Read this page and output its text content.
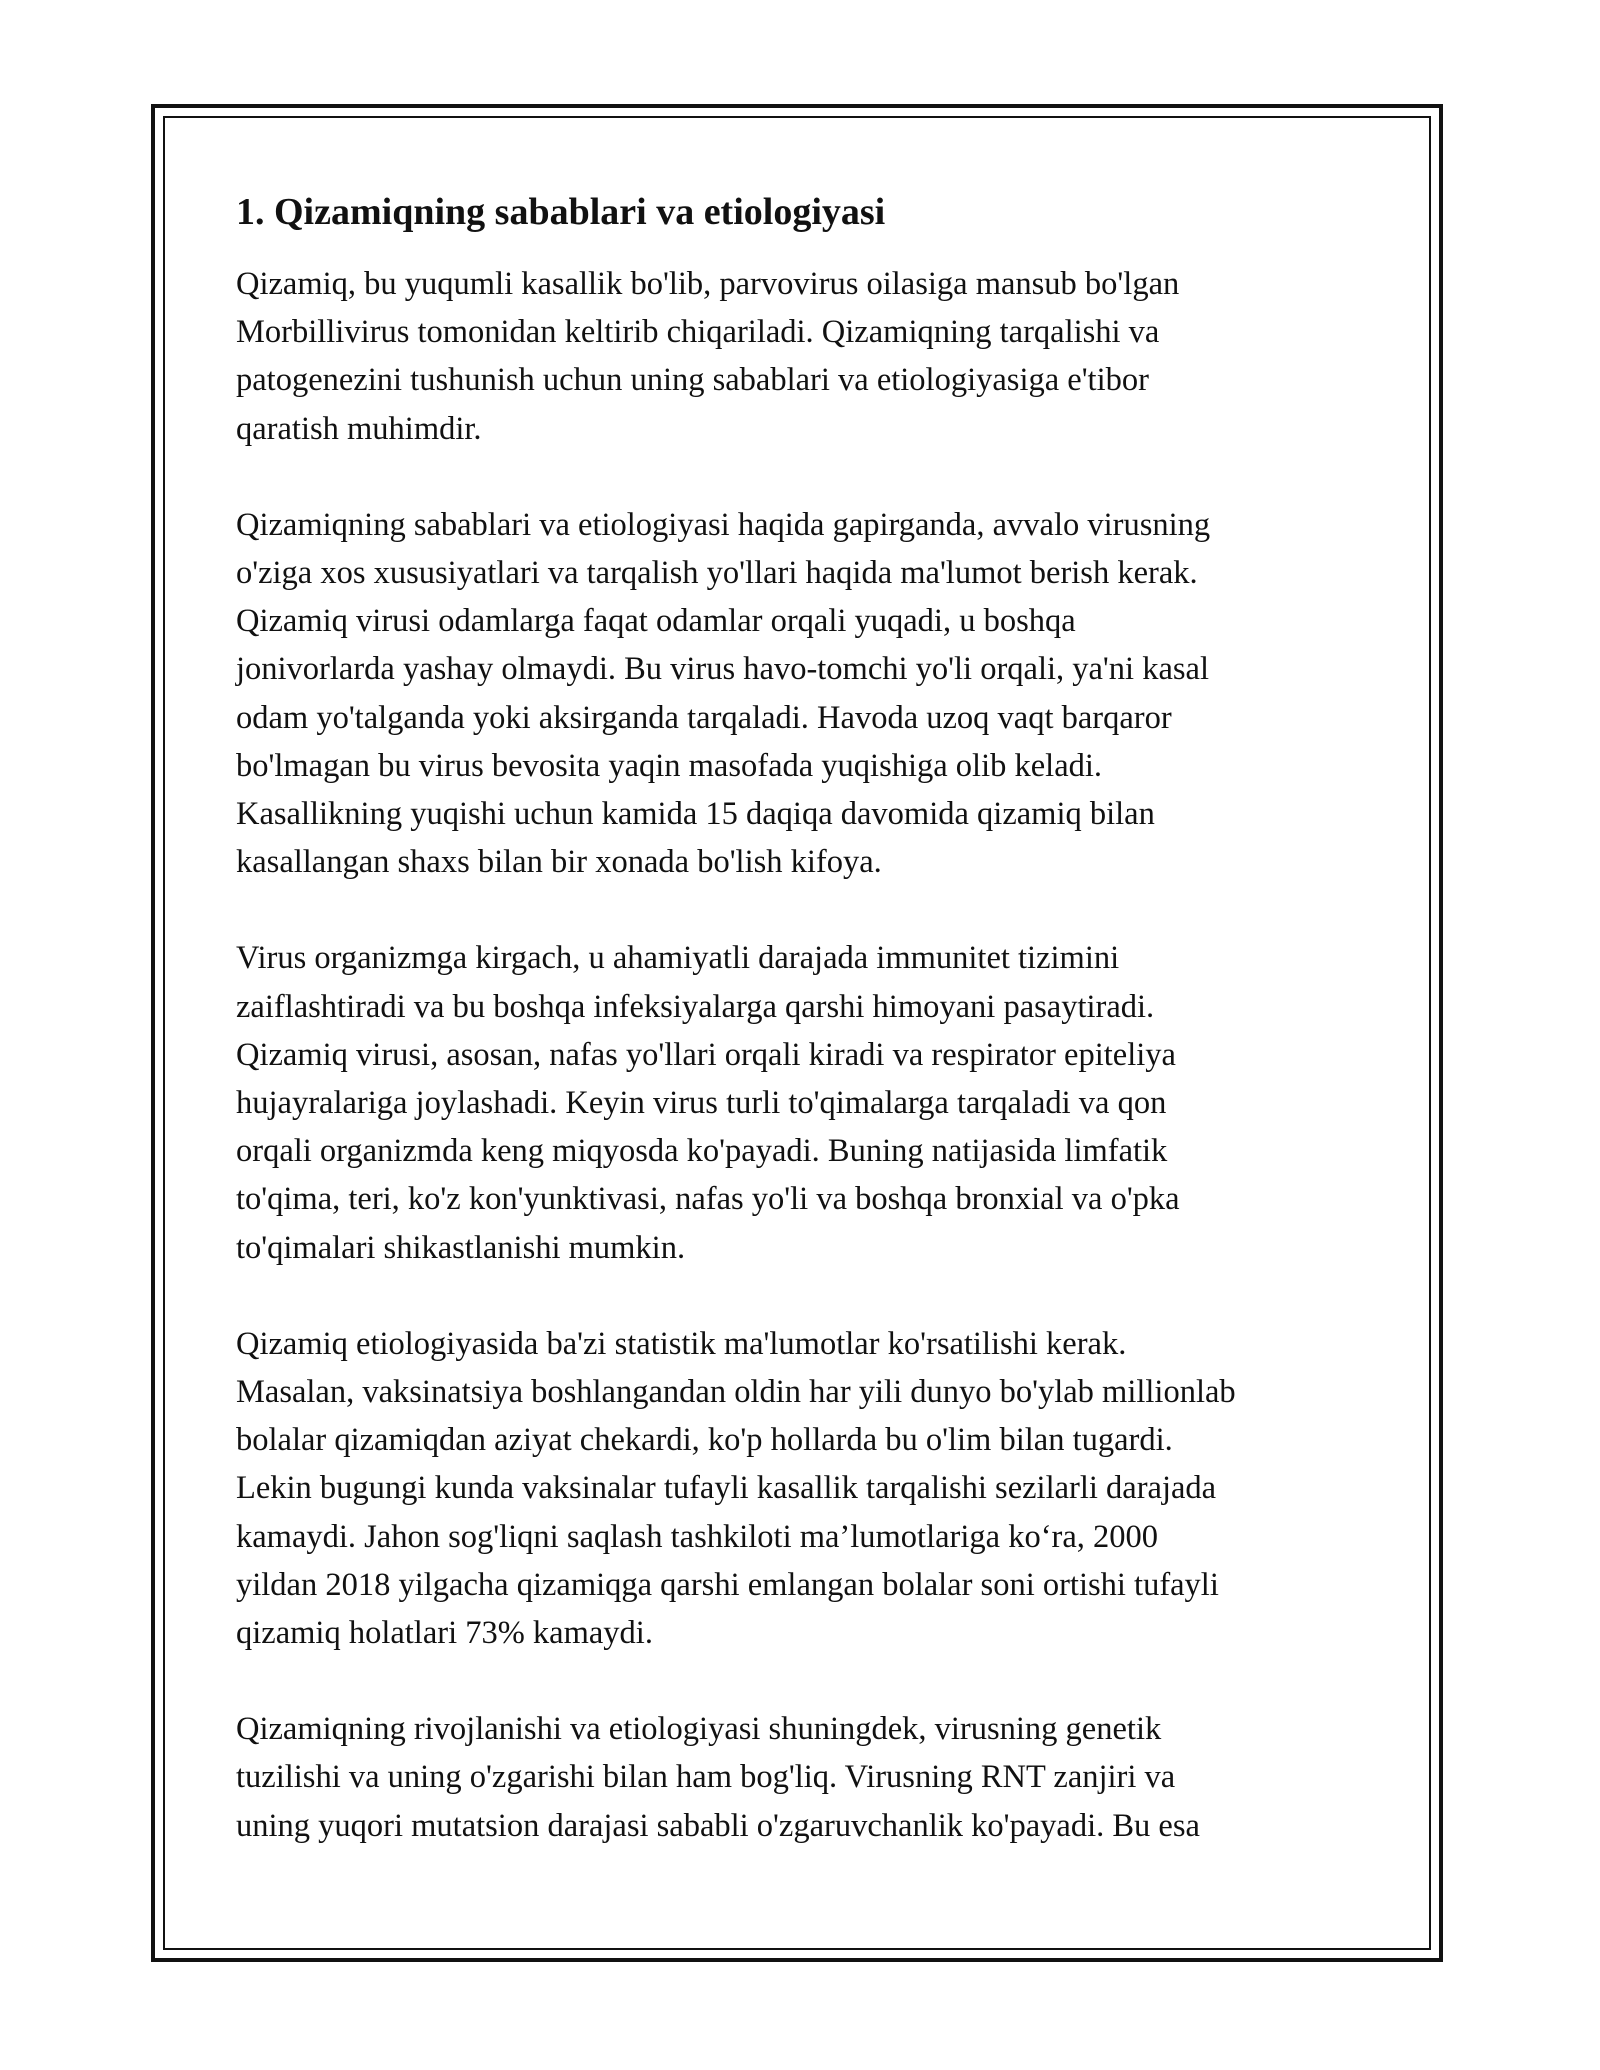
1. Qizamiqning sabablari va etiologiyasi

Qizamiq, bu yuqumli kasallik bo'lib, parvovirus oilasiga mansub bo'lgan
Morbillivirus tomonidan keltirib chiqariladi. Qizamiqning tarqalishi va
patogenezini tushunish uchun uning sabablari va etiologiyasiga e'tibor
qaratish muhimdir.

Qizamiqning sabablari va etiologiyasi haqida gapirganda, avvalo virusning
o'ziga xos xususiyatlari va tarqalish yo'llari haqida ma'lumot berish kerak.
Qizamiq virusi odamlarga faqat odamlar orqali yuqadi, u boshqa
jonivorlarda yashay olmaydi. Bu virus havo-tomchi yo'li orqali, ya'ni kasal
odam yo'talganda yoki aksirganda tarqaladi. Havoda uzoq vaqt barqaror
bo'lmagan bu virus bevosita yaqin masofada yuqishiga olib keladi.
Kasallikning yuqishi uchun kamida 15 daqiqa davomida qizamiq bilan
kasallangan shaxs bilan bir xonada bo'lish kifoya.

Virus organizmga kirgach, u ahamiyatli darajada immunitet tizimini
zaiflashtiradi va bu boshqa infeksiyalarga qarshi himoyani pasaytiradi.
Qizamiq virusi, asosan, nafas yo'llari orqali kiradi va respirator epiteliya
hujayralariga joylashadi. Keyin virus turli to'qimalarga tarqaladi va qon
orqali organizmda keng miqyosda ko'payadi. Buning natijasida limfatik
to'qima, teri, ko'z kon'yunktivasi, nafas yo'li va boshqa bronxial va o'pka
to'qimalari shikastlanishi mumkin.

Qizamiq etiologiyasida ba'zi statistik ma'lumotlar ko'rsatilishi kerak.
Masalan, vaksinatsiya boshlangandan oldin har yili dunyo bo'ylab millionlab
bolalar qizamiqdan aziyat chekardi, ko'p hollarda bu o'lim bilan tugardi.
Lekin bugungi kunda vaksinalar tufayli kasallik tarqalishi sezilarli darajada
kamaydi. Jahon sog'liqni saqlash tashkiloti ma’lumotlariga ko‘ra, 2000
yildan 2018 yilgacha qizamiqga qarshi emlangan bolalar soni ortishi tufayli
qizamiq holatlari 73% kamaydi.

Qizamiqning rivojlanishi va etiologiyasi shuningdek, virusning genetik
tuzilishi va uning o'zgarishi bilan ham bog'liq. Virusning RNT zanjiri va
uning yuqori mutatsion darajasi sababli o'zgaruvchanlik ko'payadi. Bu esa
